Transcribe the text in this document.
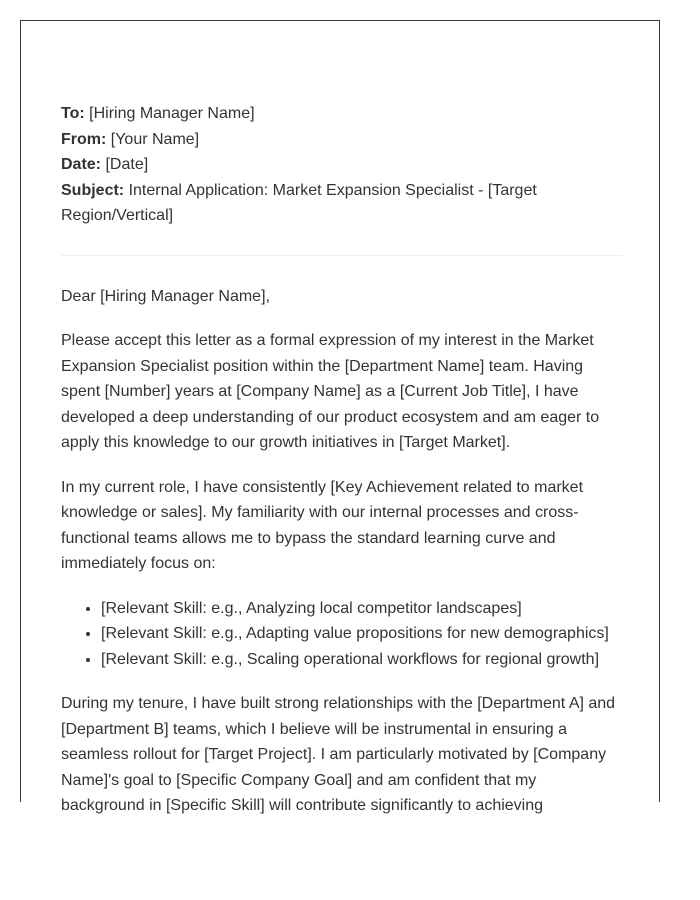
To: [Hiring Manager Name]

From: [Your Name]

Date: [Date]

Subject: Internal Application: Market Expansion Specialist - [Target Region/Vertical]

Dear [Hiring Manager Name],

Please accept this letter as a formal expression of my interest in the Market Expansion Specialist position within the [Department Name] team. Having spent [Number] years at [Company Name] as a [Current Job Title], I have developed a deep understanding of our product ecosystem and am eager to apply this knowledge to our growth initiatives in [Target Market].

In my current role, I have consistently [Key Achievement related to market knowledge or sales]. My familiarity with our internal processes and cross-functional teams allows me to bypass the standard learning curve and immediately focus on:

• [Relevant Skill: e.g., Analyzing local competitor landscapes]
• [Relevant Skill: e.g., Adapting value propositions for new demographics]
• [Relevant Skill: e.g., Scaling operational workflows for regional growth]

During my tenure, I have built strong relationships with the [Department A] and [Department B] teams, which I believe will be instrumental in ensuring a seamless rollout for [Target Project]. I am particularly motivated by [Company Name]'s goal to [Specific Company Goal] and am confident that my background in [Specific Skill] will contribute significantly to achieving
